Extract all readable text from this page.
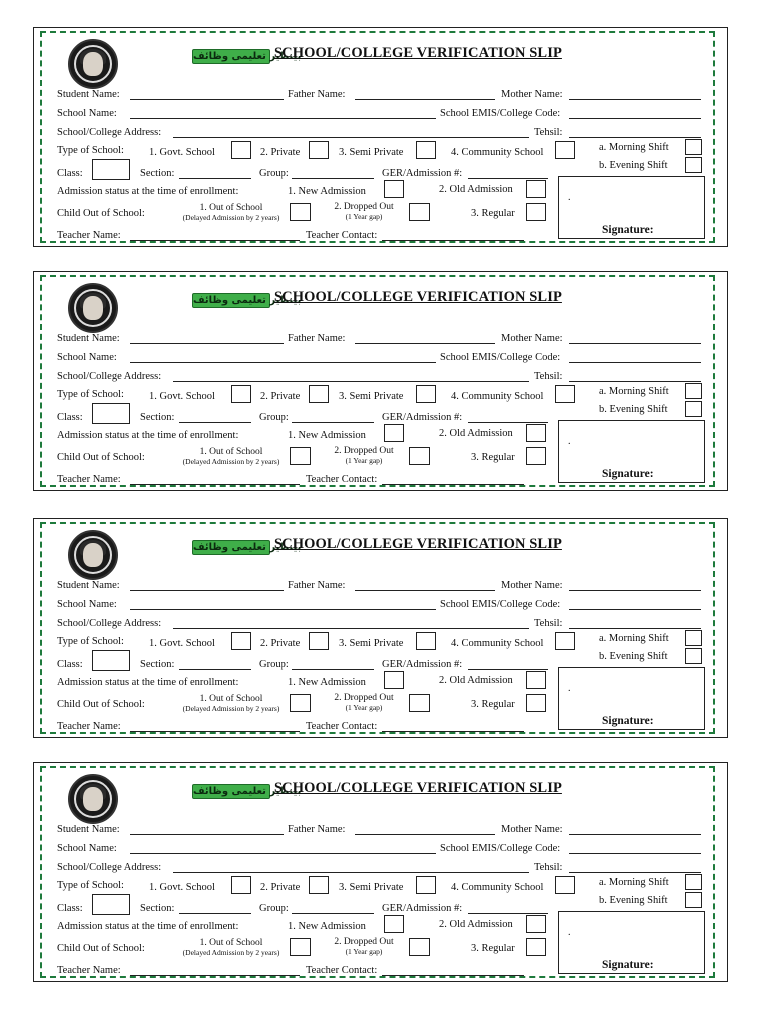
بینظیر تعلیمی وظائف
SCHOOL/COLLEGE VERIFICATION SLIP
Student Name:	Father Name:	Mother Name:
School Name:	School EMIS/College Code:
School/College Address:	Tehsil:
Type of School: 1. Govt. School	2. Private	3. Semi Private	4. Community School	a. Morning Shift
b. Evening Shift
Class:	Section:	Group:	GER/Admission #:
Admission status at the time of enrollment:	1. New Admission	2. Old Admission
.
Signature:
Child Out of School:	1. Out of School
(Delayed Admission by 2 years)
2. Dropped Out
(1 Year gap)	3. Regular
Teacher Name:	Teacher Contact:
بینظیر تعلیمی وظائف
SCHOOL/COLLEGE VERIFICATION SLIP
Student Name:	Father Name:	Mother Name:
School Name:	School EMIS/College Code:
School/College Address:	Tehsil:
Type of School: 1. Govt. School	2. Private	3. Semi Private	4. Community School	a. Morning Shift
b. Evening Shift
Class:	Section:	Group:	GER/Admission #:
Admission status at the time of enrollment:	1. New Admission	2. Old Admission
.
Signature:
Child Out of School:	1. Out of School
(Delayed Admission by 2 years)
2. Dropped Out
(1 Year gap)	3. Regular
Teacher Name:	Teacher Contact:
بینظیر تعلیمی وظائف
SCHOOL/COLLEGE VERIFICATION SLIP
Student Name:	Father Name:	Mother Name:
School Name:	School EMIS/College Code:
School/College Address:	Tehsil:
Type of School: 1. Govt. School	2. Private	3. Semi Private	4. Community School	a. Morning Shift
b. Evening Shift
Class:	Section:	Group:	GER/Admission #:
Admission status at the time of enrollment:	1. New Admission	2. Old Admission
.
Signature:
Child Out of School:	1. Out of School
(Delayed Admission by 2 years)
2. Dropped Out
(1 Year gap)	3. Regular
Teacher Name:	Teacher Contact:
بینظیر تعلیمی وظائف
SCHOOL/COLLEGE VERIFICATION SLIP
Student Name:	Father Name:	Mother Name:
School Name:	School EMIS/College Code:
School/College Address:	Tehsil:
Type of School: 1. Govt. School	2. Private	3. Semi Private	4. Community School	a. Morning Shift
b. Evening Shift
Class:	Section:	Group:	GER/Admission #:
Admission status at the time of enrollment:	1. New Admission	2. Old Admission
.
Signature:
Child Out of School:	1. Out of School
(Delayed Admission by 2 years)
2. Dropped Out
(1 Year gap)	3. Regular
Teacher Name:	Teacher Contact:
